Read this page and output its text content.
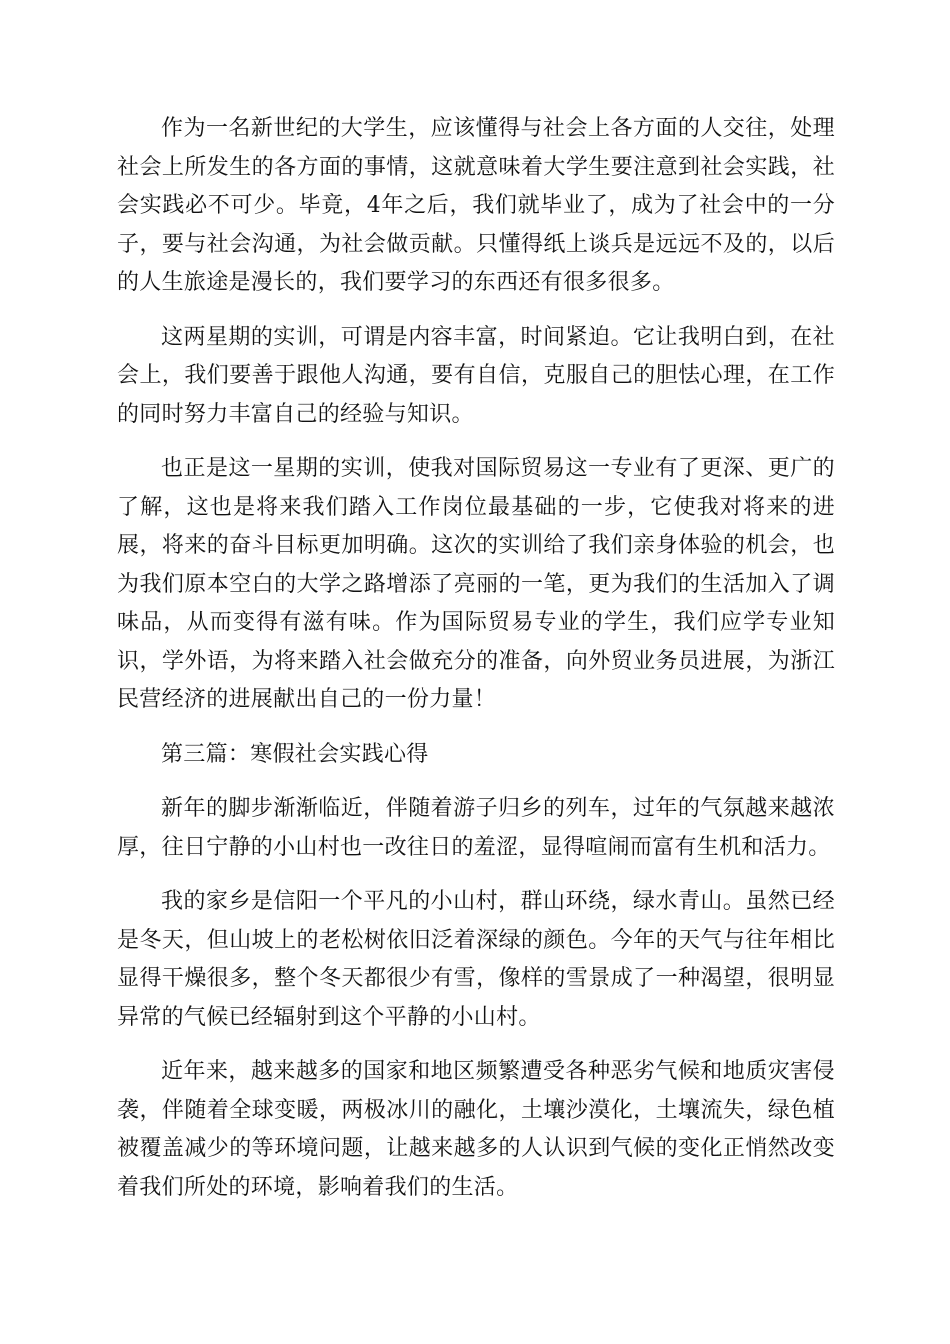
作为一名新世纪的大学生，应该懂得与社会上各方面的人交往，处理社会上所发生的各方面的事情，这就意味着大学生要注意到社会实践，社会实践必不可少。毕竟，4年之后，我们就毕业了，成为了社会中的一分子，要与社会沟通，为社会做贡献。只懂得纸上谈兵是远远不及的，以后的人生旅途是漫长的，我们要学习的东西还有很多很多。

这两星期的实训，可谓是内容丰富，时间紧迫。它让我明白到，在社会上，我们要善于跟他人沟通，要有自信，克服自己的胆怯心理，在工作的同时努力丰富自己的经验与知识。

也正是这一星期的实训，使我对国际贸易这一专业有了更深、更广的了解，这也是将来我们踏入工作岗位最基础的一步，它使我对将来的进展，将来的奋斗目标更加明确。这次的实训给了我们亲身体验的机会，也为我们原本空白的大学之路增添了亮丽的一笔，更为我们的生活加入了调味品，从而变得有滋有味。作为国际贸易专业的学生，我们应学专业知识，学外语，为将来踏入社会做充分的准备，向外贸业务员进展，为浙江民营经济的进展献出自己的一份力量！

第三篇：寒假社会实践心得

新年的脚步渐渐临近，伴随着游子归乡的列车，过年的气氛越来越浓厚，往日宁静的小山村也一改往日的羞涩，显得喧闹而富有生机和活力。

我的家乡是信阳一个平凡的小山村，群山环绕，绿水青山。虽然已经是冬天，但山坡上的老松树依旧泛着深绿的颜色。今年的天气与往年相比显得干燥很多，整个冬天都很少有雪，像样的雪景成了一种渴望，很明显异常的气候已经辐射到这个平静的小山村。

近年来，越来越多的国家和地区频繁遭受各种恶劣气候和地质灾害侵袭，伴随着全球变暖，两极冰川的融化，土壤沙漠化，土壤流失，绿色植被覆盖减少的等环境问题，让越来越多的人认识到气候的变化正悄然改变着我们所处的环境，影响着我们的生活。
